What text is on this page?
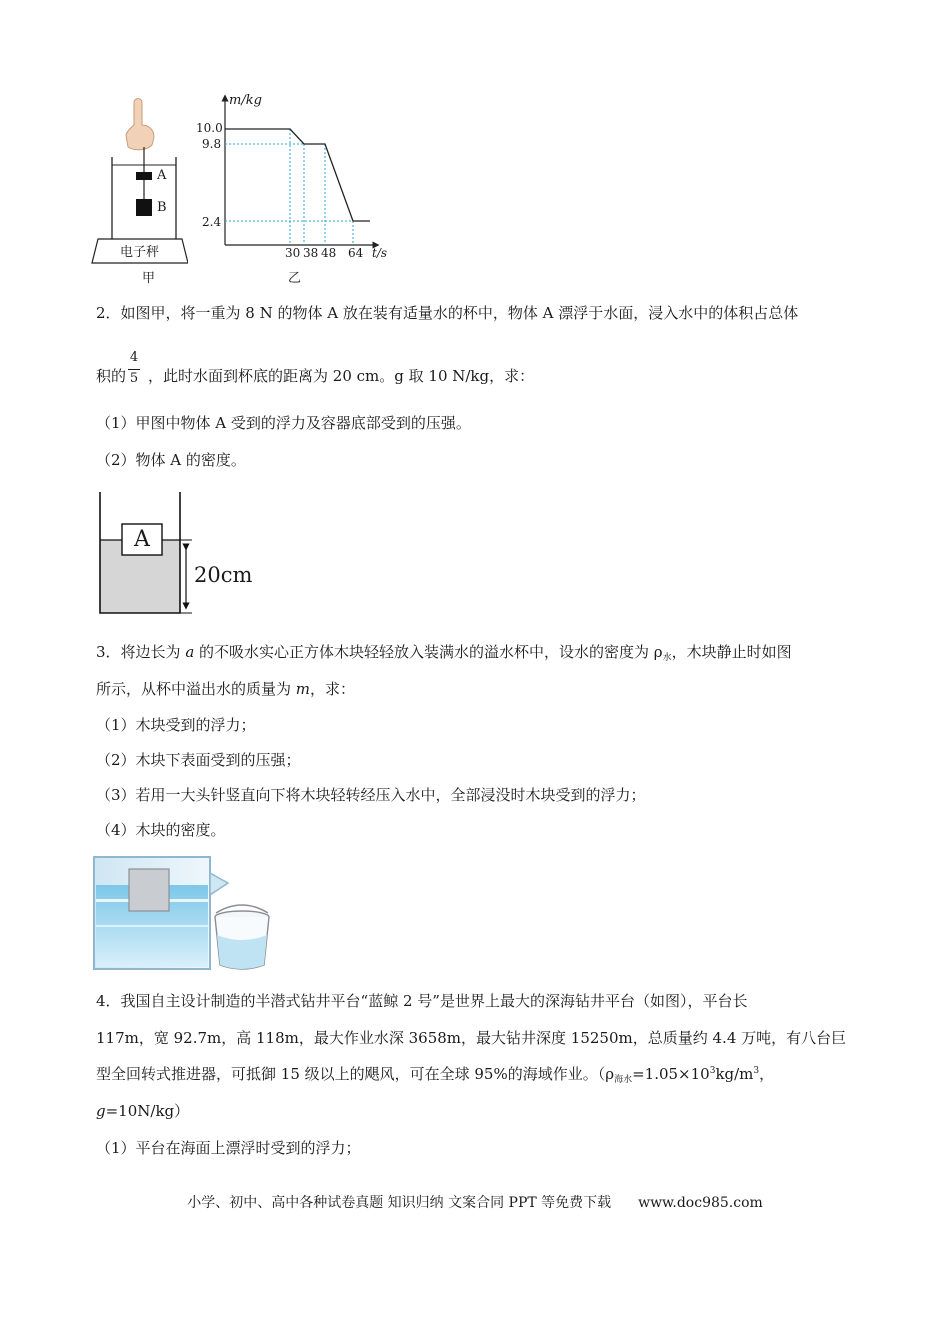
A
B
电子秤
甲
m/kg
10.0
9.8
2.4
30 38 48 64 t/s
乙
2．如图甲，将一重为 8 N 的物体 A 放在装有适量水的杯中，物体 A 漂浮于水面，浸入水中的体积占总体
积的 ，此时水面到杯底的距离为 20 cm。g 取 10 N/kg，求：
4
5
（1）甲图中物体 A 受到的浮力及容器底部受到的压强。
（2）物体 A 的密度。
A
20cm
3．将边长为 a 的不吸水实心正方体木块轻轻放入装满水的溢水杯中，设水的密度为 $\rho_水$，木块静止时如图
所示，从杯中溢出水的质量为 m，求：
（1）木块受到的浮力；
（2）木块下表面受到的压强；
（3）若用一大头针竖直向下将木块轻转经压入水中，全部浸没时木块受到的浮力；
（4）木块的密度。
4．我国自主设计制造的半潜式钻井平台“蓝鲸 2 号”是世界上最大的深海钻井平台（如图），平台长
117m，宽 92.7m，高 118m，最大作业水深 3658m，最大钻井深度 15250m，总质量约 4.4 万吨，有八台巨
型全回转式推进器，可抵御 15 级以上的飓风，可在全球 95%的海域作业。（$\rho_{海水}=1.05\times 10^3kg/m^3$，
g=10N/kg）
（1）平台在海面上漂浮时受到的浮力；
小学、初中、高中各种试卷真题 知识归纳 文案合同 PPT 等免费下载 www.doc985.com
